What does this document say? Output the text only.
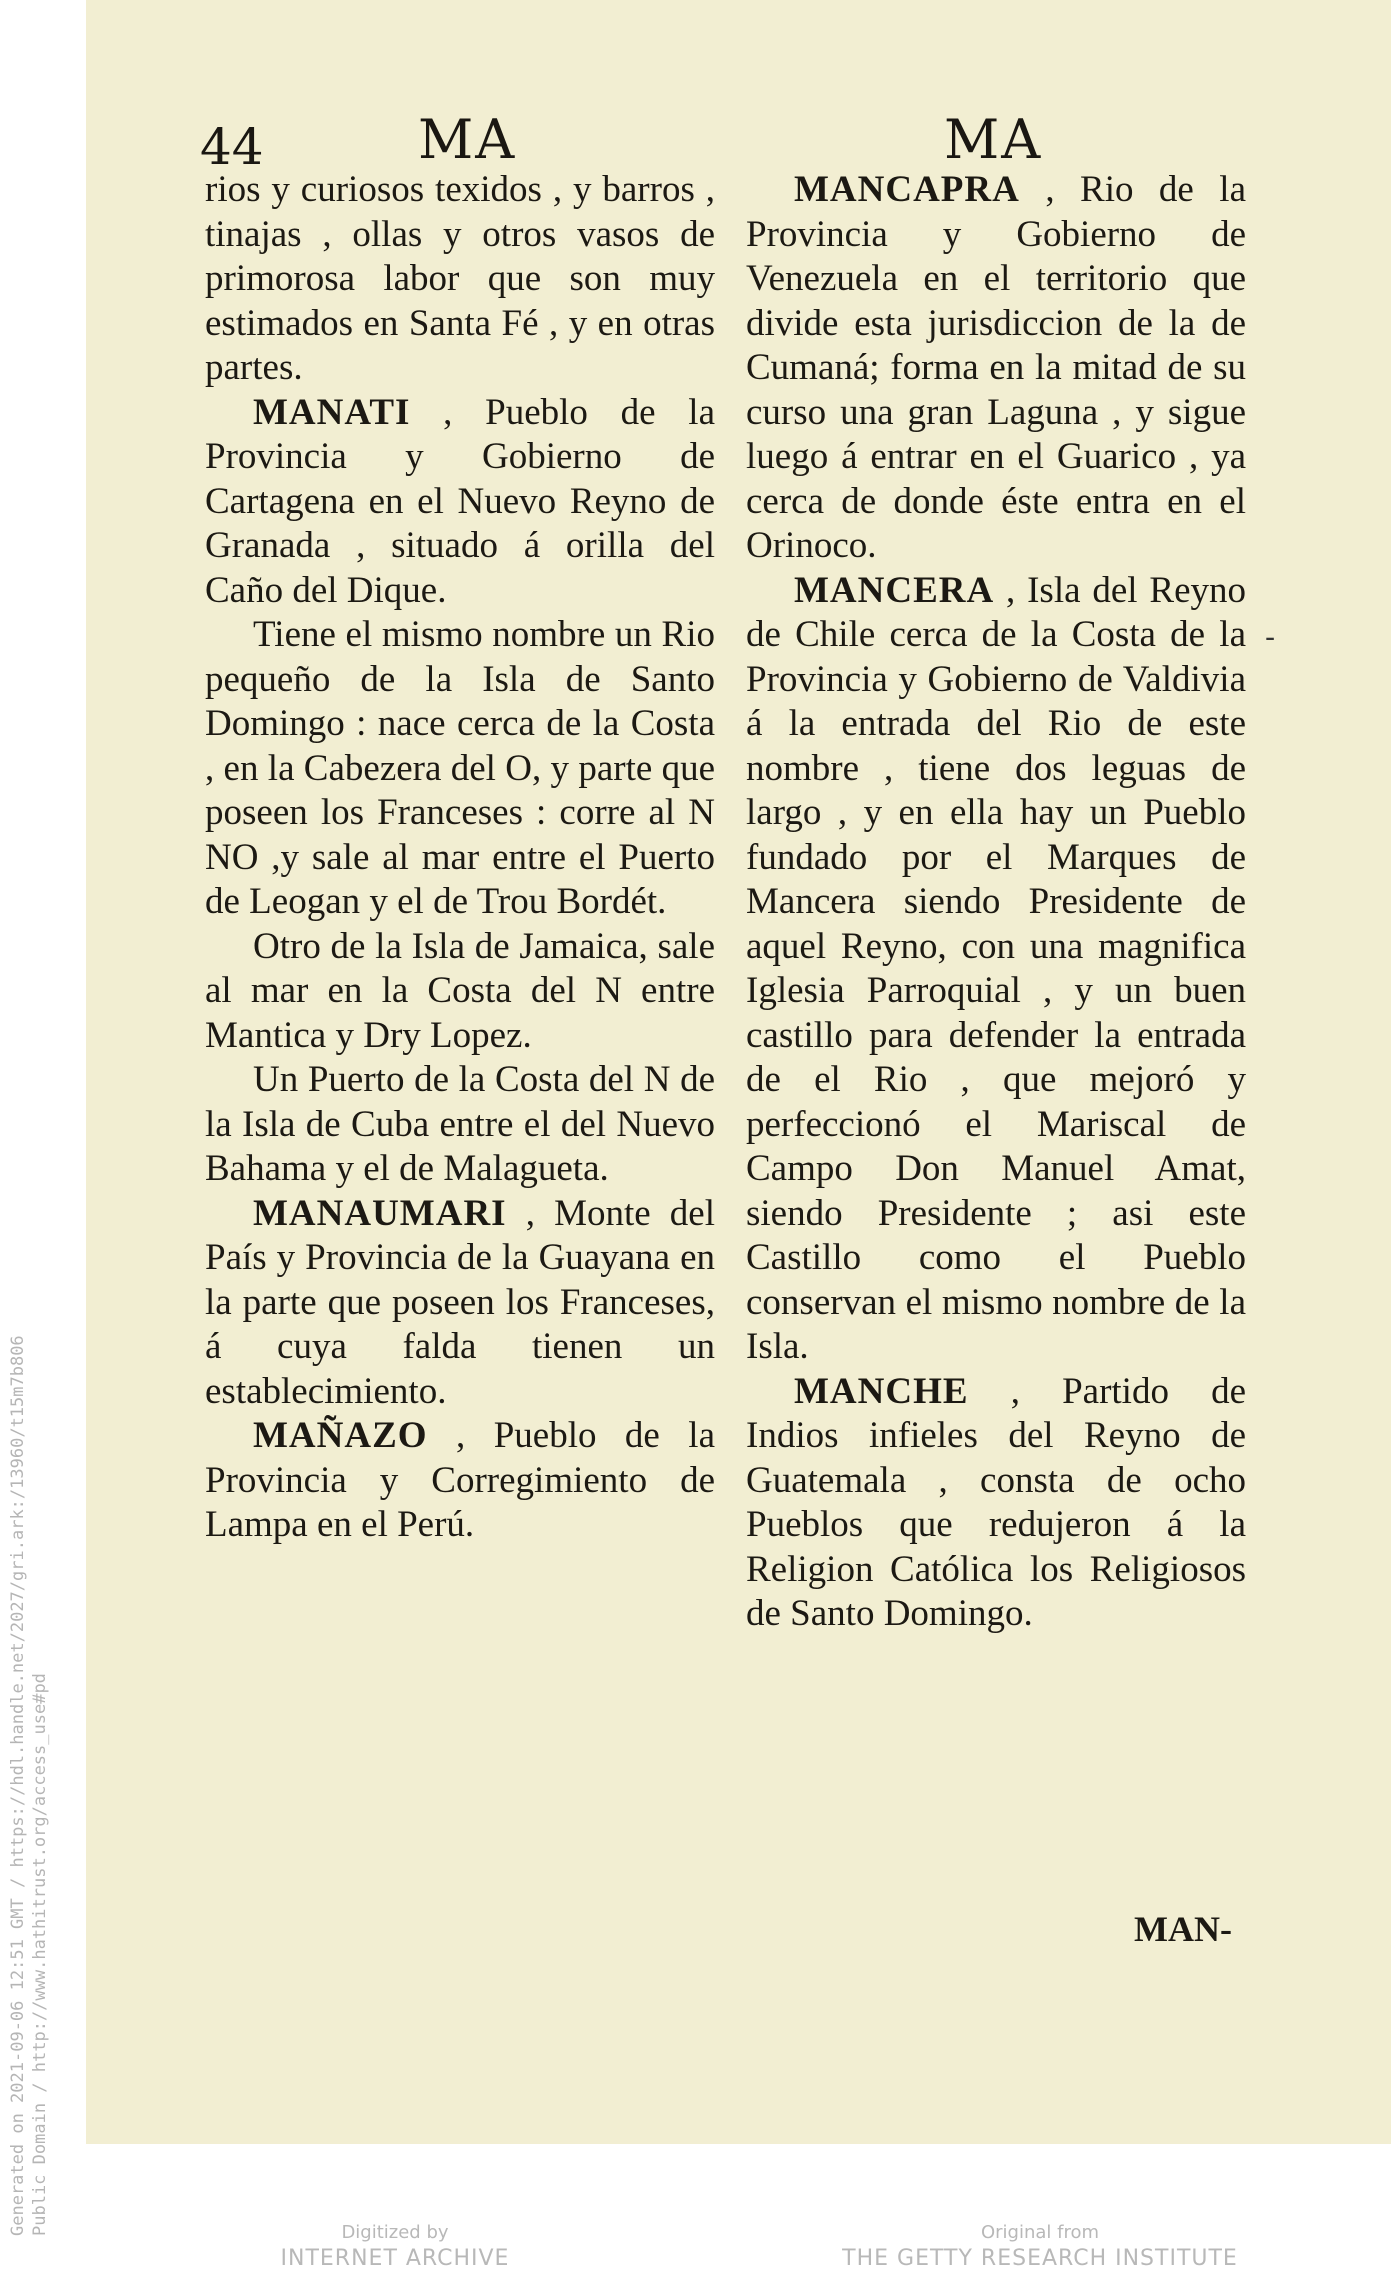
Generated on 2021-09-06 12:51 GMT / https://hdl.handle.net/2027/gri.ark:/13960/t15m7b806 Public Domain / http://www.hathitrust.org/access_use#pd
44	MA	MA

rios y curiosos texidos , y barros , tinajas , ollas y otros vasos de primorosa labor que son muy estimados en Santa Fé , y en otras partes.

MANATI , Pueblo de la Provincia y Gobierno de Cartagena en el Nuevo Reyno de Granada , situado á orilla del Caño del Dique.

Tiene el mismo nombre un Rio pequeño de la Isla de Santo Domingo : nace cerca de la Costa , en la Cabezera del O, y parte que poseen los Franceses : corre al N NO ,y sale al mar entre el Puerto de Leogan y el de Trou Bordét.

Otro de la Isla de Jamaica, sale al mar en la Costa del N entre Mantica y Dry Lopez.

Un Puerto de la Costa del N de la Isla de Cuba entre el del Nuevo Bahama y el de Malagueta.

MANAUMARI , Monte del País y Provincia de la Guayana en la parte que poseen los Franceses, á cuya falda tienen un establecimiento.

MAÑAZO , Pueblo de la Provincia y Corregimiento de Lampa en el Perú.

MANCAPRA , Rio de la Provincia y Gobierno de Venezuela en el territorio que divide esta jurisdiccion de la de Cumaná; forma en la mitad de su curso una gran Laguna , y sigue luego á entrar en el Guarico , ya cerca de donde éste entra en el Orinoco.

MANCERA , Isla del Reyno de Chile cerca de la Costa de la Provincia y Gobierno de Valdivia á la entrada del Rio de este nombre , tiene dos leguas de largo , y en ella hay un Pueblo fundado por el Marques de Mancera siendo Presidente de aquel Reyno, con una magnifica Iglesia Parroquial , y un buen castillo para defender la entrada de el Rio , que mejoró y perfeccionó el Mariscal de Campo Don Manuel Amat, siendo Presidente ; asi este Castillo como el Pueblo conservan el mismo nombre de la Isla.

MANCHE , Partido de Indios infieles del Reyno de Guatemala , consta de ocho Pueblos que redujeron á la Religion Católica los Religiosos de Santo Domingo.

MAN-
-
Digitized by
INTERNET ARCHIVE
Original from
THE GETTY RESEARCH INSTITUTE
